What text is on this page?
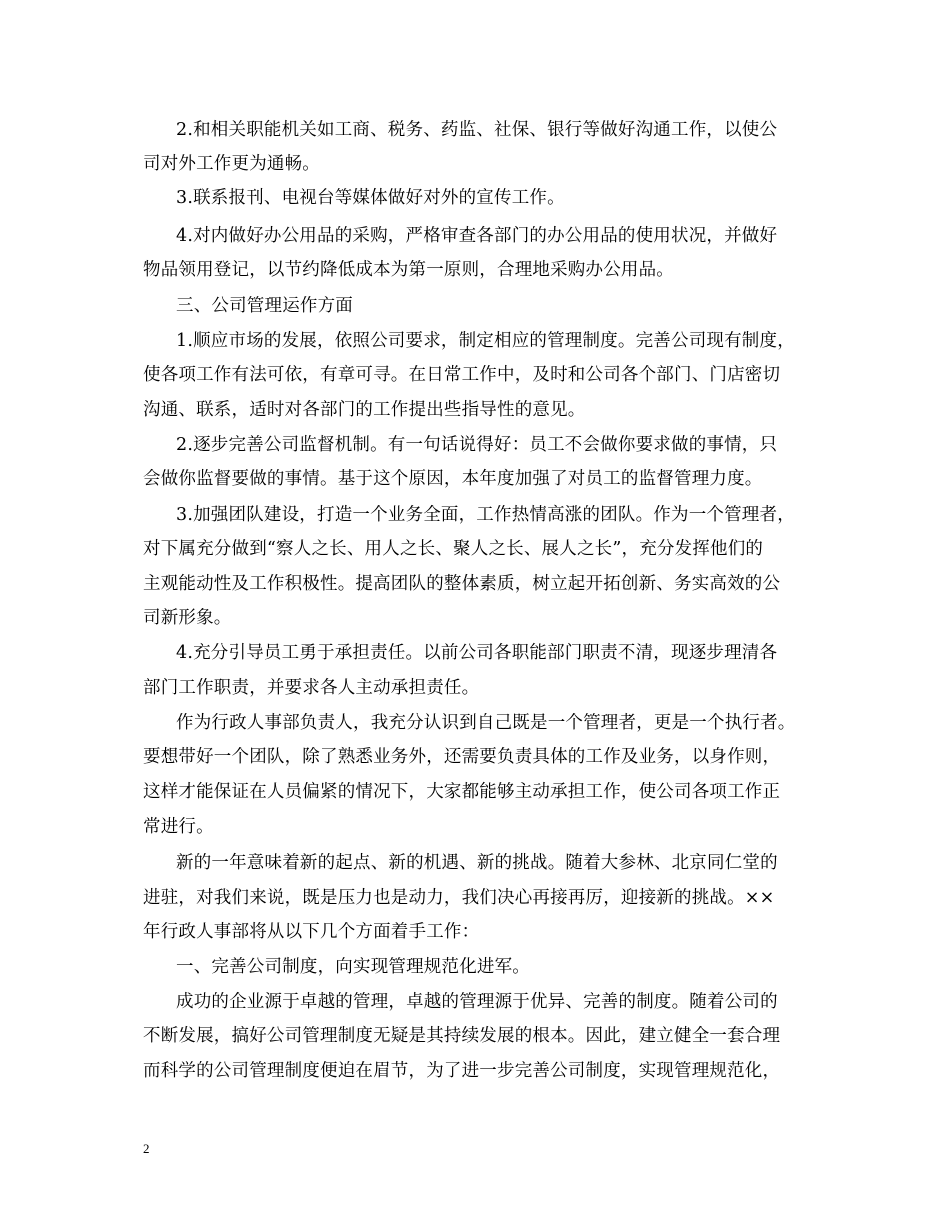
2.和相关职能机关如工商、税务、药监、社保、银行等做好沟通工作，以使公
司对外工作更为通畅。
3.联系报刊、电视台等媒体做好对外的宣传工作。
4.对内做好办公用品的采购，严格审查各部门的办公用品的使用状况，并做好
物品领用登记，以节约降低成本为第一原则，合理地采购办公用品。
三、公司管理运作方面
1.顺应市场的发展，依照公司要求，制定相应的管理制度。完善公司现有制度，
使各项工作有法可依，有章可寻。在日常工作中，及时和公司各个部门、门店密切
沟通、联系，适时对各部门的工作提出些指导性的意见。
2.逐步完善公司监督机制。有一句话说得好：员工不会做你要求做的事情，只
会做你监督要做的事情。基于这个原因，本年度加强了对员工的监督管理力度。
3.加强团队建设，打造一个业务全面，工作热情高涨的团队。作为一个管理者，
对下属充分做到“察人之长、用人之长、聚人之长、展人之长”，充分发挥他们的
主观能动性及工作积极性。提高团队的整体素质，树立起开拓创新、务实高效的公
司新形象。
4.充分引导员工勇于承担责任。以前公司各职能部门职责不清，现逐步理清各
部门工作职责，并要求各人主动承担责任。
作为行政人事部负责人，我充分认识到自己既是一个管理者，更是一个执行者。
要想带好一个团队，除了熟悉业务外，还需要负责具体的工作及业务，以身作则，
这样才能保证在人员偏紧的情况下，大家都能够主动承担工作，使公司各项工作正
常进行。
新的一年意味着新的起点、新的机遇、新的挑战。随着大参林、北京同仁堂的
进驻，对我们来说，既是压力也是动力，我们决心再接再厉，迎接新的挑战。××
年行政人事部将从以下几个方面着手工作：
一、完善公司制度，向实现管理规范化进军。
成功的企业源于卓越的管理，卓越的管理源于优异、完善的制度。随着公司的
不断发展，搞好公司管理制度无疑是其持续发展的根本。因此，建立健全一套合理
而科学的公司管理制度便迫在眉节，为了进一步完善公司制度，实现管理规范化，
2
